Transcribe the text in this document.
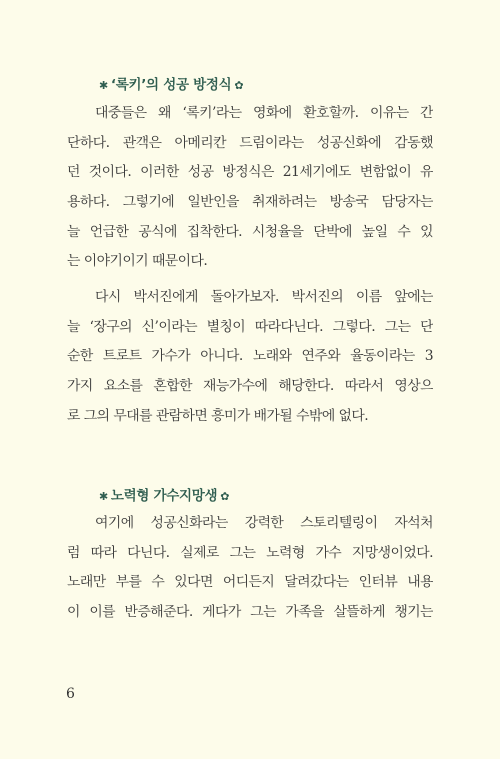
✱ ‘록키’의 성공 방정식 ✿
대중들은 왜 ‘록키’라는 영화에 환호할까. 이유는 간
단하다. 관객은 아메리칸 드림이라는 성공신화에 감동했
던 것이다. 이러한 성공 방정식은 21세기에도 변함없이 유
용하다. 그렇기에 일반인을 취재하려는 방송국 담당자는
늘 언급한 공식에 집착한다. 시청율을 단박에 높일 수 있
는 이야기이기 때문이다.
다시 박서진에게 돌아가보자. 박서진의 이름 앞에는
늘 ‘장구의 신’이라는 별칭이 따라다닌다. 그렇다. 그는 단
순한 트로트 가수가 아니다. 노래와 연주와 율동이라는 3
가지 요소를 혼합한 재능가수에 해당한다. 따라서 영상으
로 그의 무대를 관람하면 흥미가 배가될 수밖에 없다.
✱ 노력형 가수지망생 ✿
여기에 성공신화라는 강력한 스토리텔링이 자석처
럼 따라 다닌다. 실제로 그는 노력형 가수 지망생이었다.
노래만 부를 수 있다면 어디든지 달려갔다는 인터뷰 내용
이 이를 반증해준다. 게다가 그는 가족을 살뜰하게 챙기는
6
